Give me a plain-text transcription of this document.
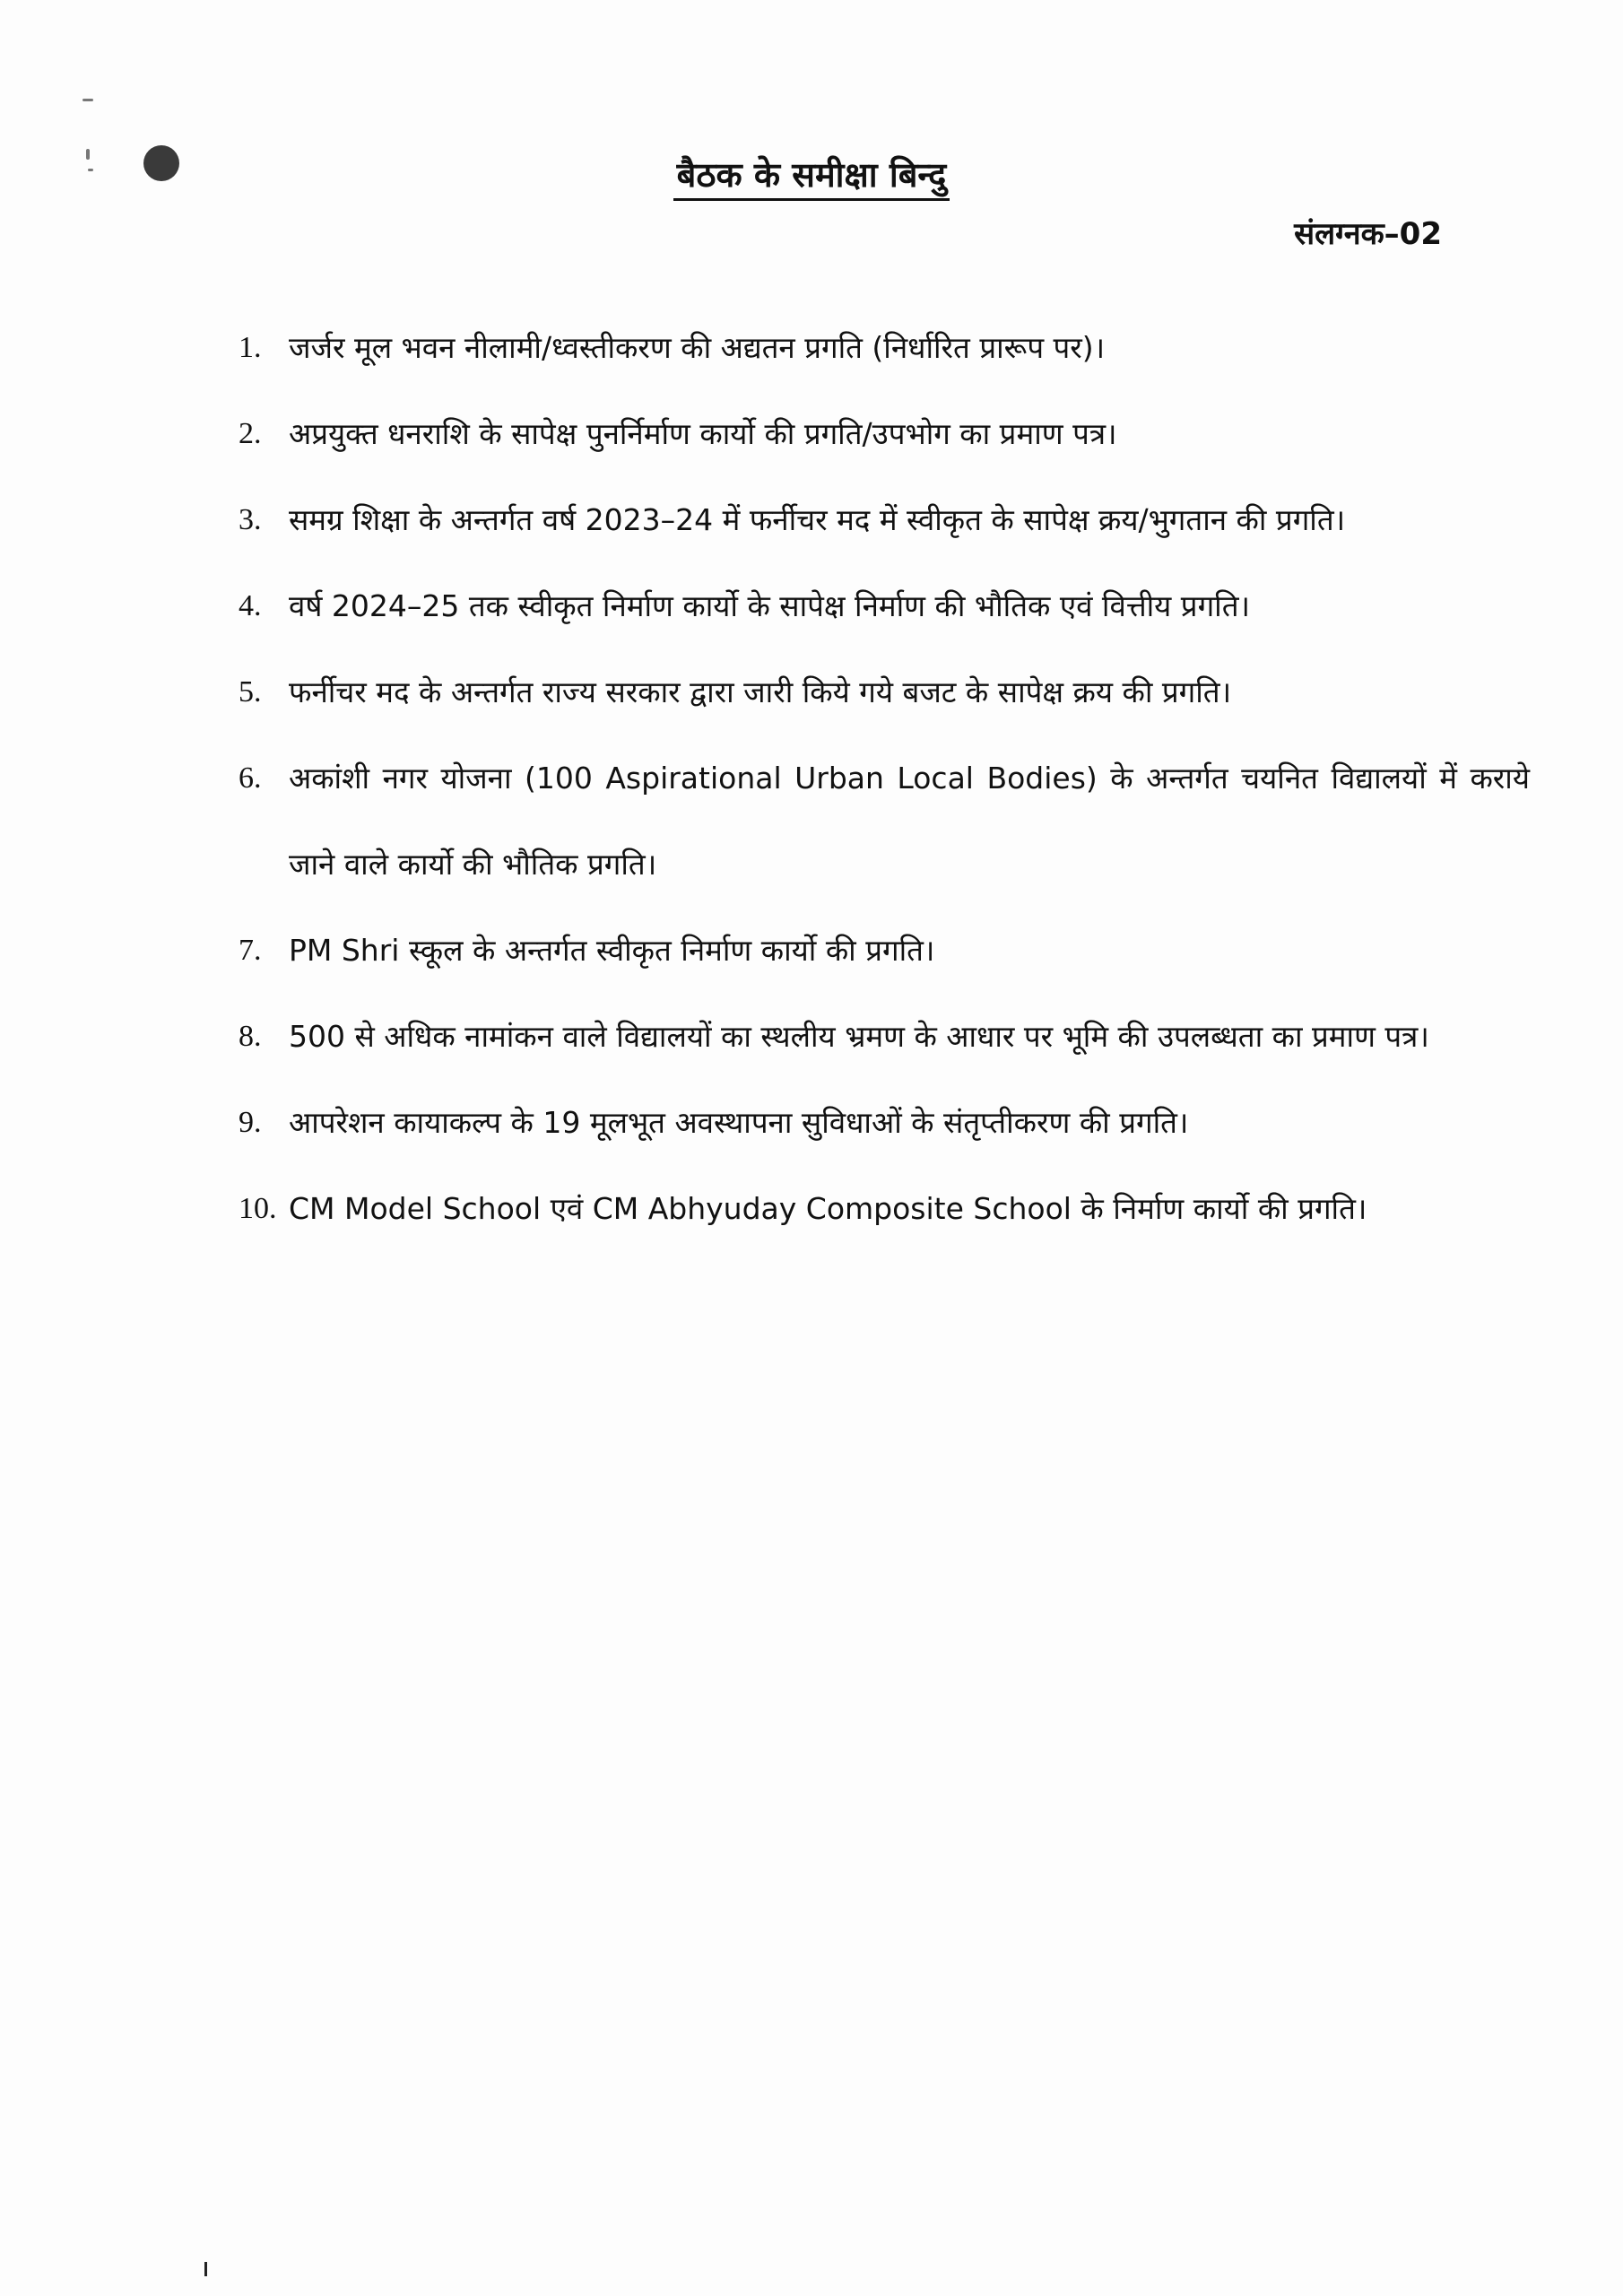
बैठक के समीक्षा बिन्दु
संलग्नक–02
1. जर्जर मूल भवन नीलामी/ध्वस्तीकरण की अद्यतन प्रगति (निर्धारित प्रारूप पर)।
2. अप्रयुक्त धनराशि के सापेक्ष पुनर्निर्माण कार्यो की प्रगति/उपभोग का प्रमाण पत्र।
3. समग्र शिक्षा के अन्तर्गत वर्ष 2023–24 में फर्नीचर मद में स्वीकृत के सापेक्ष क्रय/भुगतान की प्रगति।
4. वर्ष 2024–25 तक स्वीकृत निर्माण कार्यो के सापेक्ष निर्माण की भौतिक एवं वित्तीय प्रगति।
5. फर्नीचर मद के अन्तर्गत राज्य सरकार द्वारा जारी किये गये बजट के सापेक्ष क्रय की प्रगति।
6. अकांशी नगर योजना (100 Aspirational Urban Local Bodies) के अन्तर्गत चयनित विद्यालयों में कराये जाने वाले कार्यो की भौतिक प्रगति।
7. PM Shri स्कूल के अन्तर्गत स्वीकृत निर्माण कार्यो की प्रगति।
8. 500 से अधिक नामांकन वाले विद्यालयों का स्थलीय भ्रमण के आधार पर भूमि की उपलब्धता का प्रमाण पत्र।
9. आपरेशन कायाकल्प के 19 मूलभूत अवस्थापना सुविधाओं के संतृप्तीकरण की प्रगति।
10. CM Model School एवं CM Abhyuday Composite School के निर्माण कार्यो की प्रगति।
